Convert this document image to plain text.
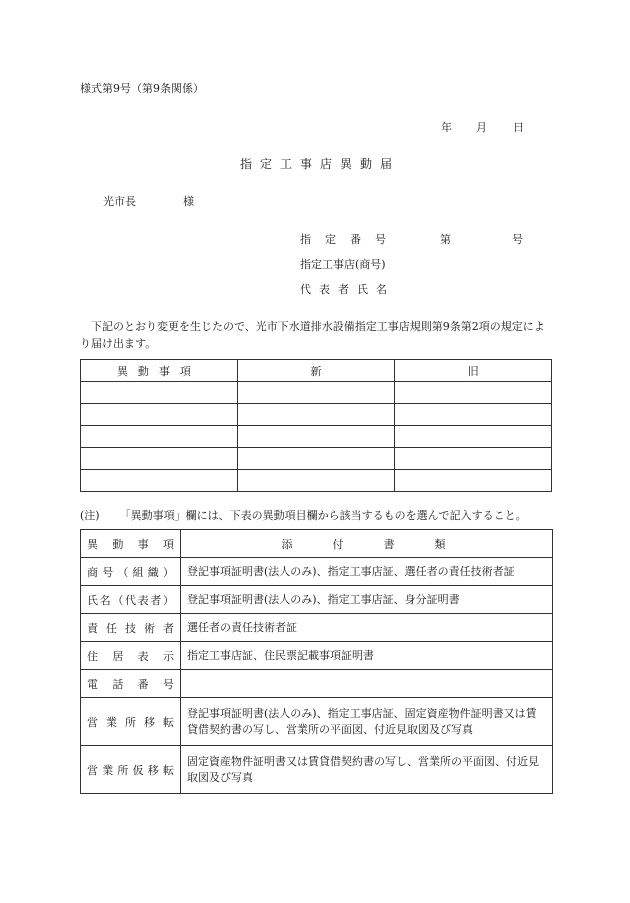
様式第9号（第9条関係）
年 月 日
指定工事店異動届
光市長	様
指定番号	第	号
指定工事店(商号)
代表者氏名
下記のとおり変更を生じたので、光市下水道排水設備指定工事店規則第9条第2項の規定により届け出ます。
異動事項	新	旧

(注) 「異動事項」欄には、下表の異動項目欄から該当するものを選んで記入すること。
異動事項	添付書類
商号（組織）	登記事項証明書(法人のみ)、指定工事店証、選任者の責任技術者証
氏名（代表者）	登記事項証明書(法人のみ)、指定工事店証、身分証明書
責任技術者	選任者の責任技術者証
住居表示	指定工事店証、住民票記載事項証明書
電話番号	
営業所移転	登記事項証明書(法人のみ)、指定工事店証、固定資産物件証明書又は賃貸借契約書の写し、営業所の平面図、付近見取図及び写真
営業所仮移転	固定資産物件証明書又は賃貸借契約書の写し、営業所の平面図、付近見取図及び写真
